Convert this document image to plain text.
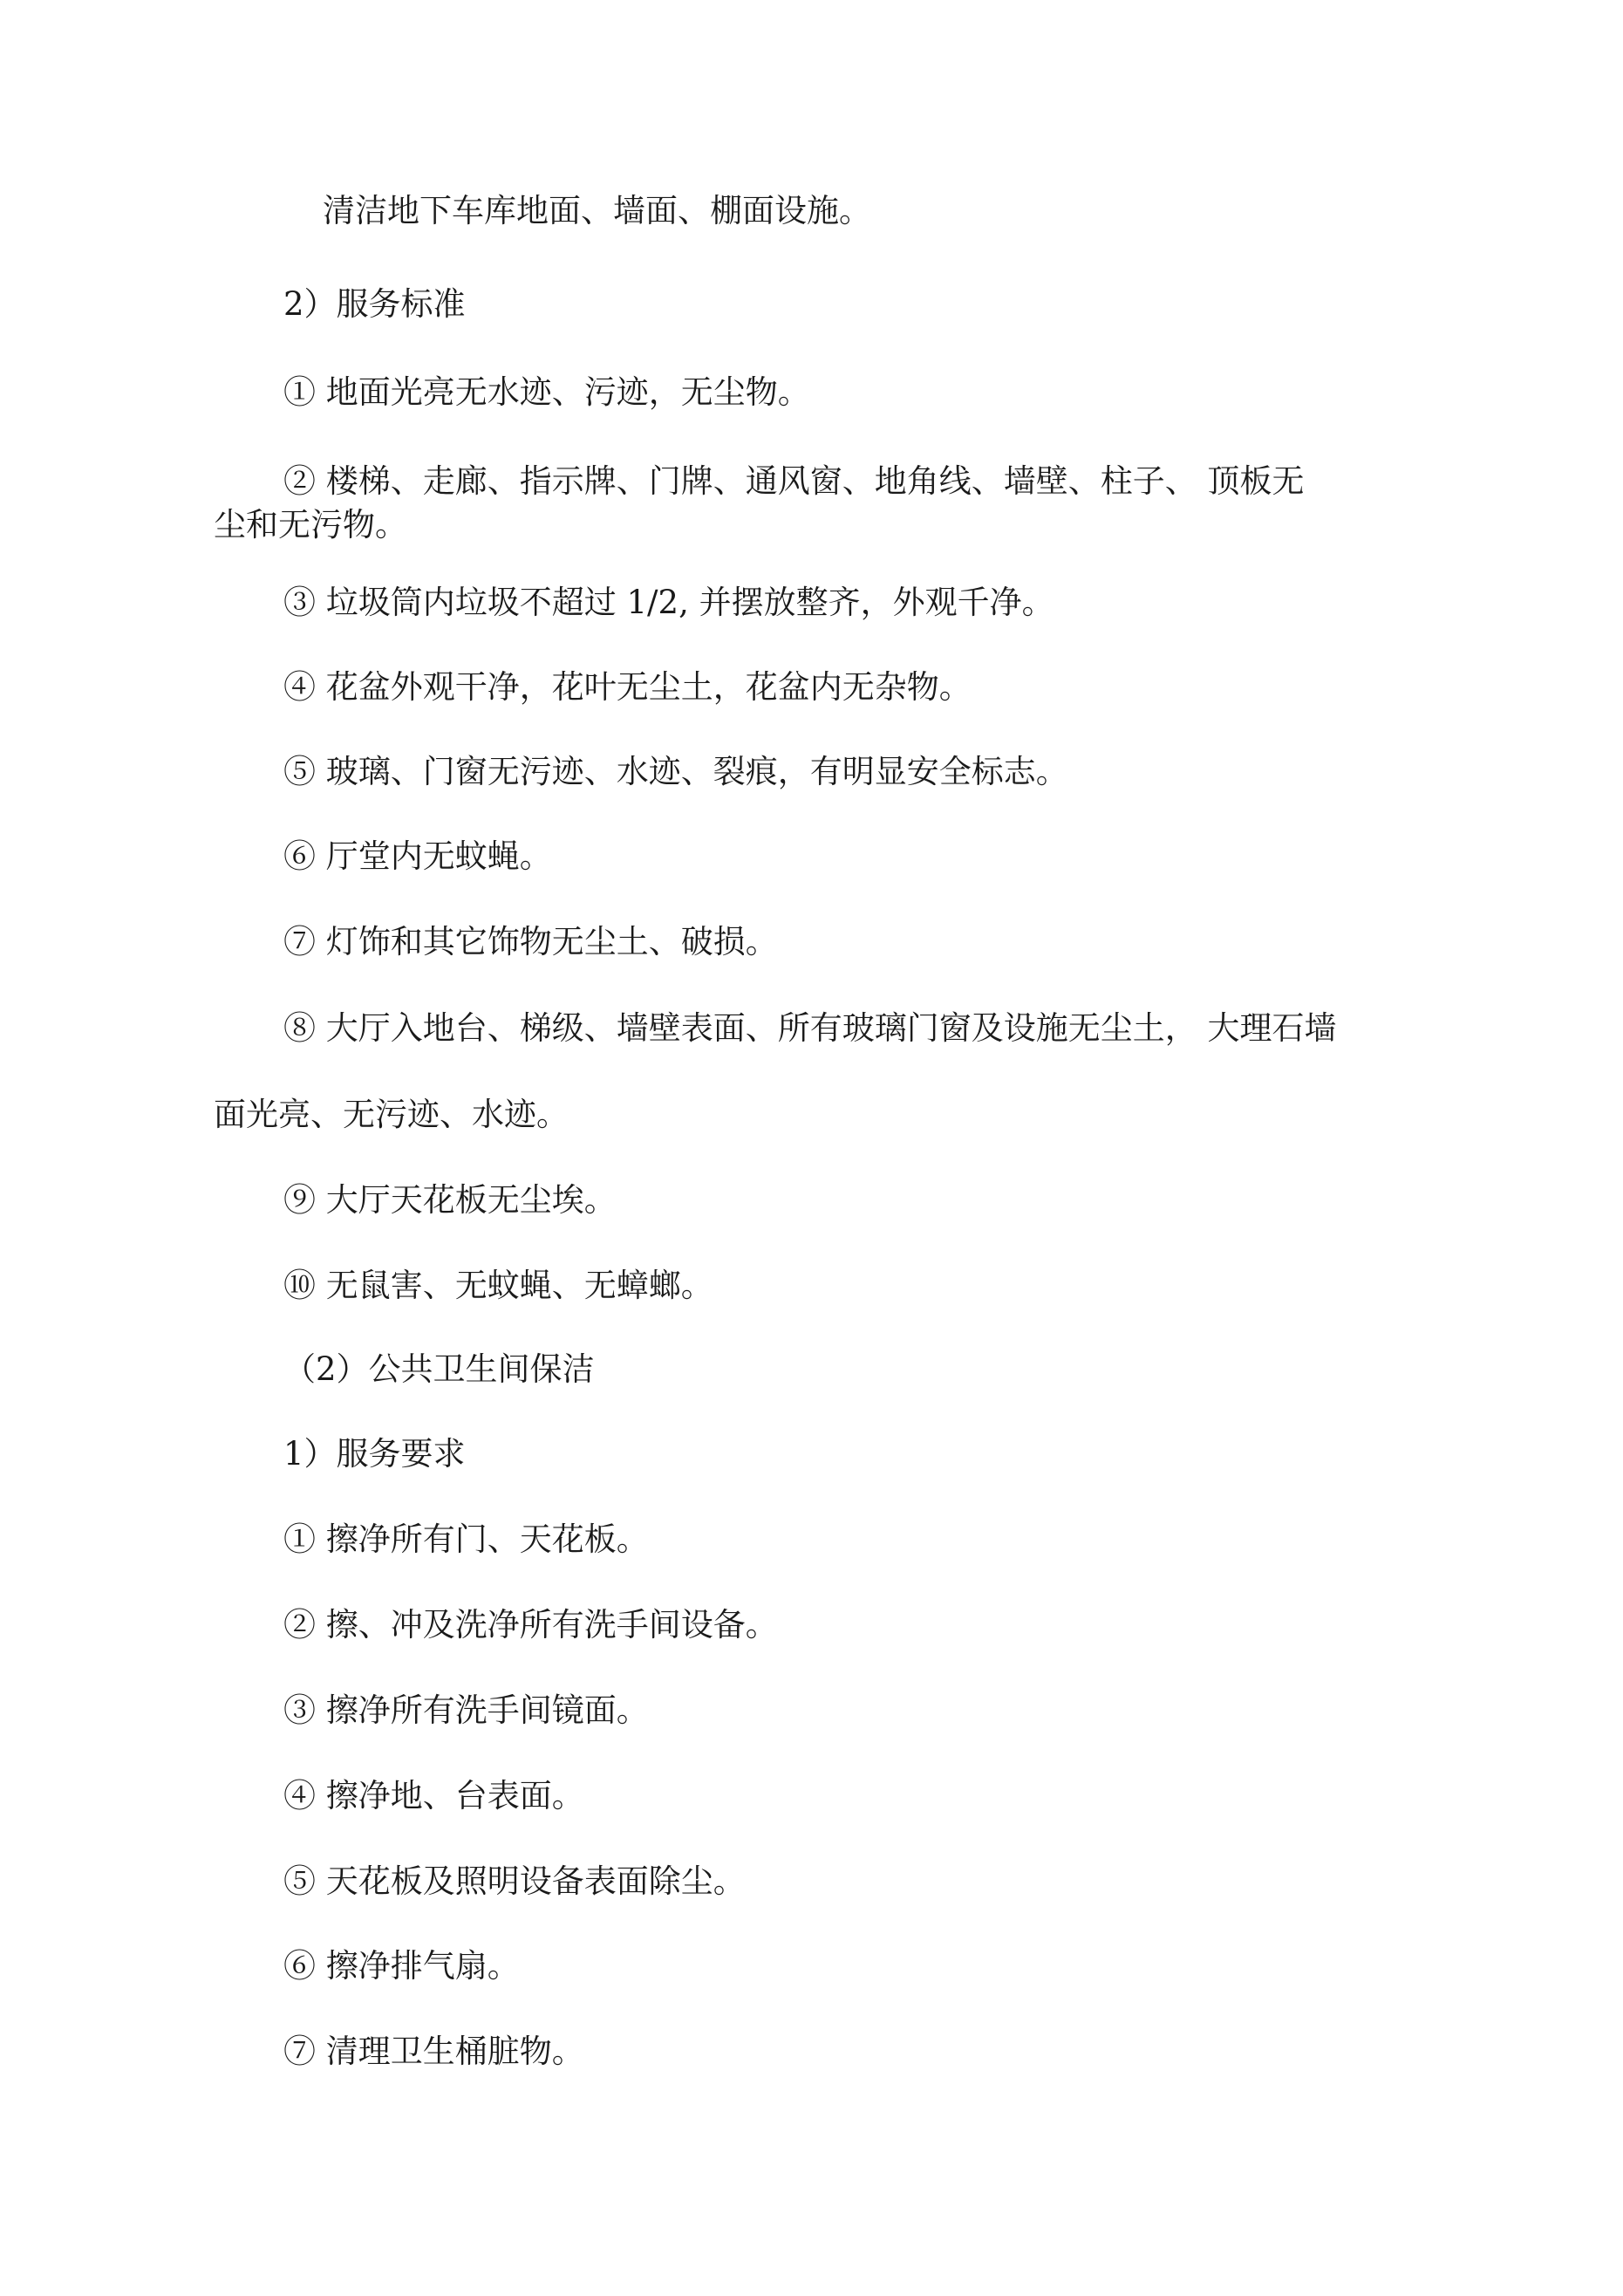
清洁地下车库地面、墙面、棚面设施。

2）服务标准

① 地面光亮无水迹、污迹，无尘物。

② 楼梯、走廊、指示牌、门牌、通风窗、地角线、墙壁、柱子、 顶板无

尘和无污物。

③ 垃圾筒内垃圾不超过 1/2, 并摆放整齐，外观千净。

④ 花盆外观干净，花叶无尘土，花盆内无杂物。

⑤ 玻璃、门窗无污迹、水迹、裂痕，有明显安全标志。

⑥ 厅堂内无蚊蝇。

⑦ 灯饰和其它饰物无尘土、破损。

⑧ 大厅入地台、梯级、墙壁表面、所有玻璃门窗及设施无尘土， 大理石墙

面光亮、无污迹、水迹。

⑨ 大厅天花板无尘埃。

⑩ 无鼠害、无蚊蝇、无蟑螂。

（2）公共卫生间保洁

1）服务要求

① 擦净所有门、天花板。

② 擦、冲及洗净所有洗手间设备。

③ 擦净所有洗手间镜面。

④ 擦净地、台表面。

⑤ 天花板及照明设备表面除尘。

⑥ 擦净排气扇。

⑦ 清理卫生桶脏物。
